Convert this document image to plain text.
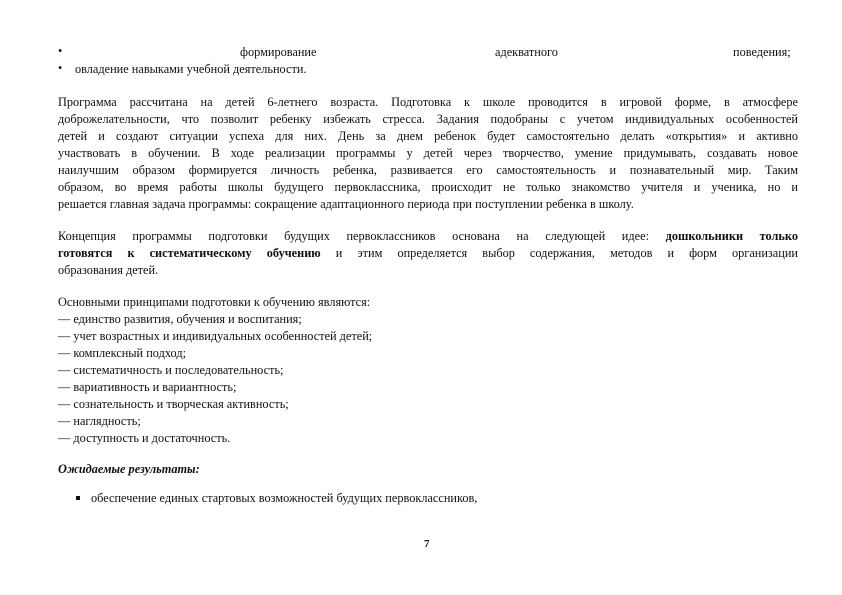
•	формирование	адекватного	поведения;
• овладение навыками учебной деятельности.
Программа рассчитана на детей 6-летнего возраста. Подготовка к школе проводится в игровой форме, в атмосфере
доброжелательности, что позволит ребенку избежать стресса. Задания подобраны с учетом индивидуальных особенностей
детей и создают ситуации успеха для них. День за днем ребенок будет самостоятельно делать «открытия» и активно
участвовать в обучении. В ходе реализации программы у детей через творчество, умение придумывать, создавать новое
наилучшим образом формируется личность ребенка, развивается его самостоятельность и познавательный мир. Таким
образом, во время работы школы будущего первоклассника, происходит не только знакомство учителя и ученика, но и
решается главная задача программы: сокращение адаптационного периода при поступлении ребенка в школу.
Концепция программы подготовки будущих первоклассников основана на следующей идее: дошкольники только
готовятся к систематическому обучению и этим определяется выбор содержания, методов и форм организации
образования детей.
Основными принципами подготовки к обучению являются:
— единство развития, обучения и воспитания;
— учет возрастных и индивидуальных особенностей детей;
— комплексный подход;
— систематичность и последовательность;
— вариативность и вариантность;
— сознательность и творческая активность;
— наглядность;
— доступность и достаточность.
Ожидаемые результаты:
обеспечение единых стартовых возможностей будущих первоклассников,
7
